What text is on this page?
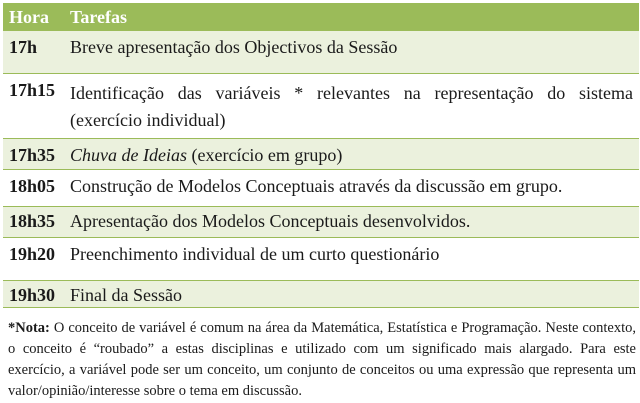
Hora	Tarefas
17h	Breve apresentação dos Objectivos da Sessão
17h15	Identificação das variáveis * relevantes na representação do sistema (exercício individual)
17h35	Chuva de Ideias (exercício em grupo)
18h05	Construção de Modelos Conceptuais através da discussão em grupo.
18h35	Apresentação dos Modelos Conceptuais desenvolvidos.
19h20	Preenchimento individual de um curto questionário
19h30	Final da Sessão

*Nota: O conceito de variável é comum na área da Matemática, Estatística e Programação. Neste contexto, o conceito é “roubado” a estas disciplinas e utilizado com um significado mais alargado. Para este exercício, a variável pode ser um conceito, um conjunto de conceitos ou uma expressão que representa um valor/opinião/interesse sobre o tema em discussão.
